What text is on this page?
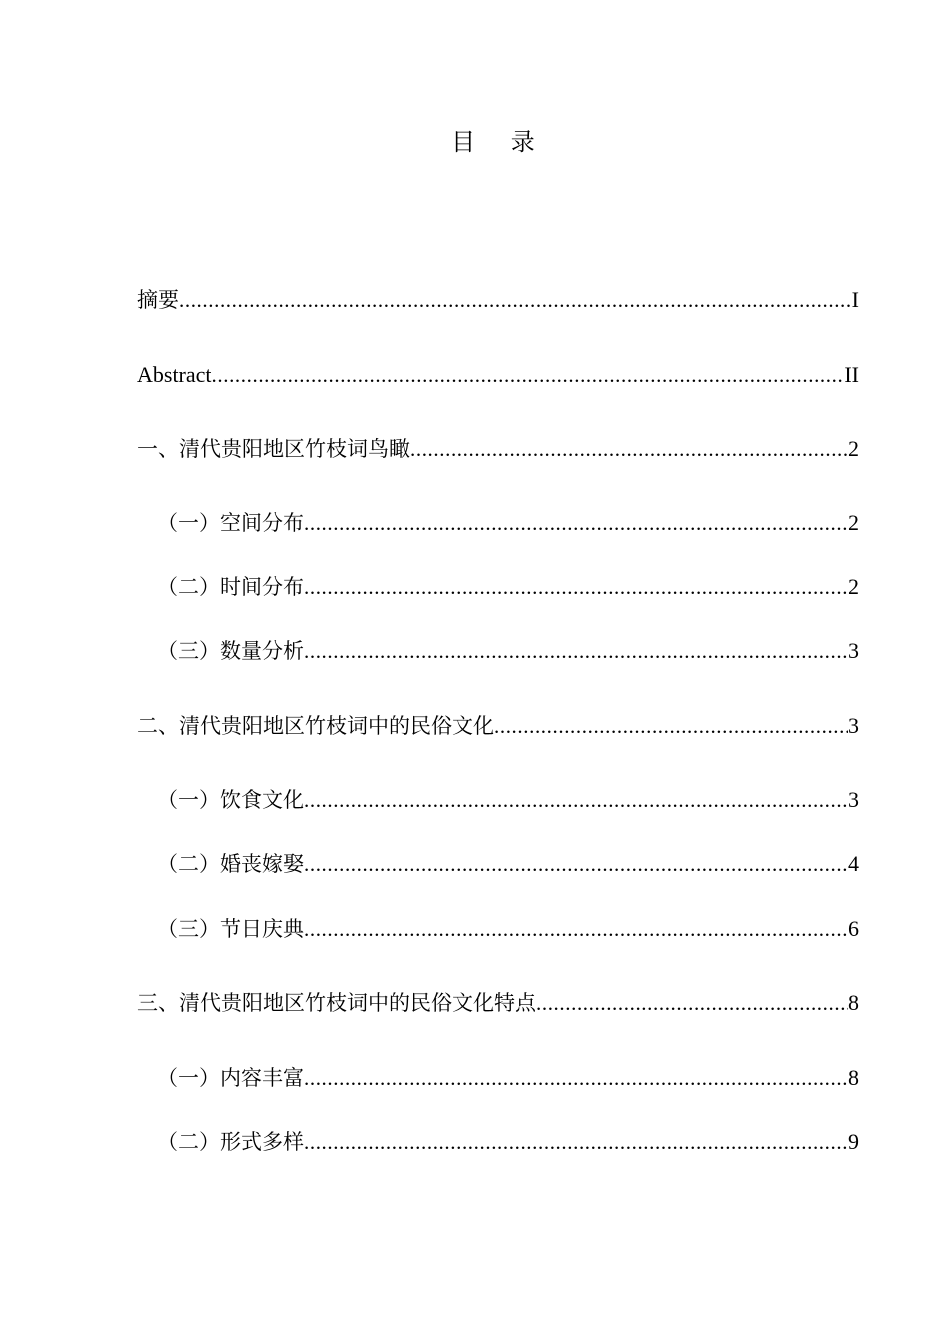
目 录
摘要 .....	I
Abstract .....	II
一、清代贵阳地区竹枝词鸟瞰 .....	2
（一）空间分布 .....	2
（二）时间分布 .....	2
（三）数量分析 .....	3
二、清代贵阳地区竹枝词中的民俗文化 .....	3
（一）饮食文化 .....	3
（二）婚丧嫁娶 .....	4
（三）节日庆典 .....	6
三、清代贵阳地区竹枝词中的民俗文化特点 .....	8
（一）内容丰富 .....	8
（二）形式多样 .....	9
